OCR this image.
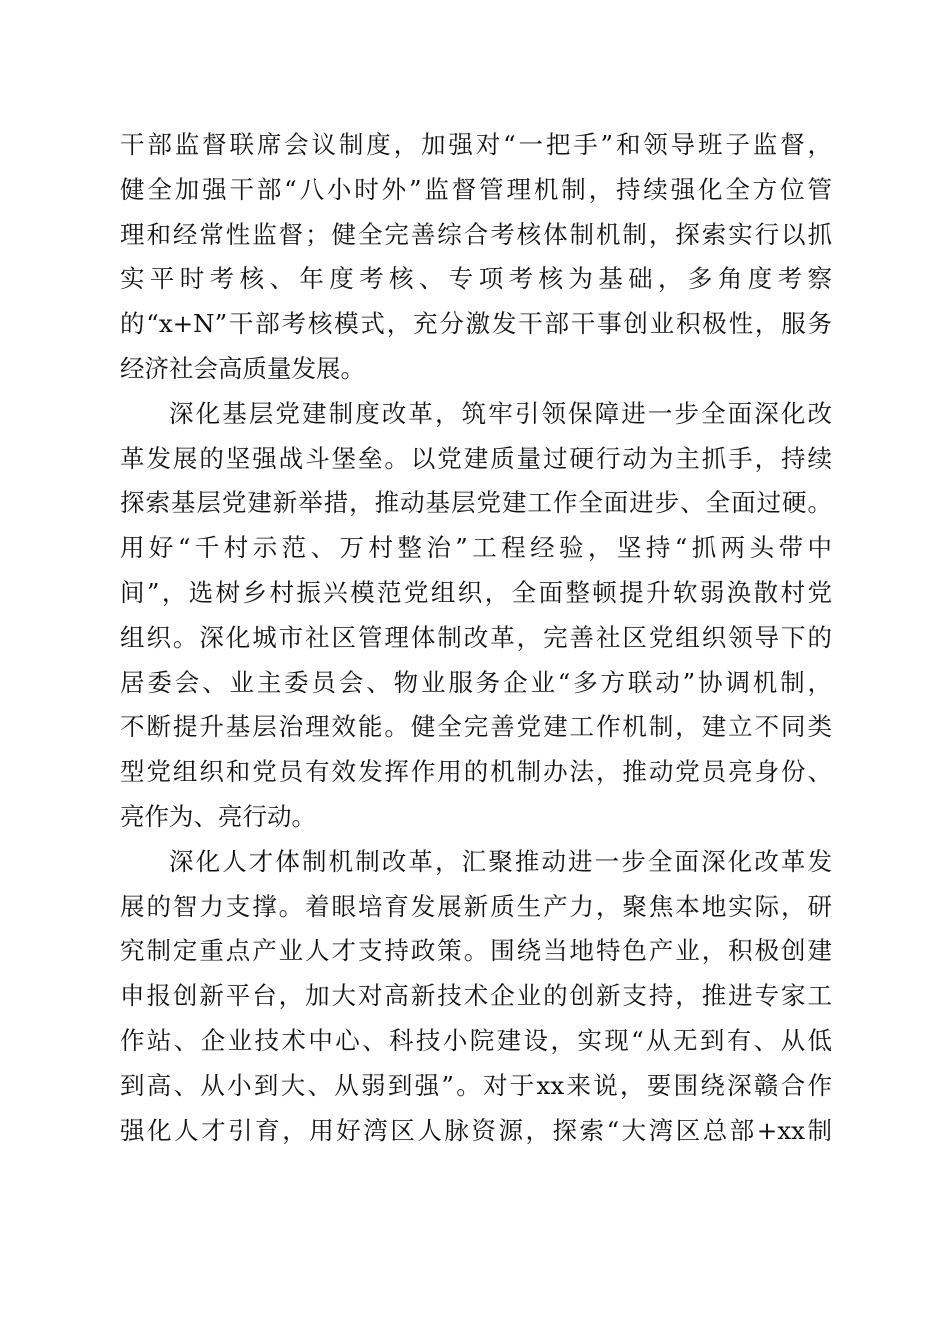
干部监督联席会议制度，加强对“一把手”和领导班子监督，
健全加强干部“八小时外”监督管理机制，持续强化全方位管
理和经常性监督；健全完善综合考核体制机制，探索实行以抓
实平时考核、年度考核、专项考核为基础，多角度考察
的“x+N”干部考核模式，充分激发干部干事创业积极性，服务
经济社会高质量发展。
深化基层党建制度改革，筑牢引领保障进一步全面深化改
革发展的坚强战斗堡垒。以党建质量过硬行动为主抓手，持续
探索基层党建新举措，推动基层党建工作全面进步、全面过硬。
用好“千村示范、万村整治”工程经验，坚持“抓两头带中
间”，选树乡村振兴模范党组织，全面整顿提升软弱涣散村党
组织。深化城市社区管理体制改革，完善社区党组织领导下的
居委会、业主委员会、物业服务企业“多方联动”协调机制，
不断提升基层治理效能。健全完善党建工作机制，建立不同类
型党组织和党员有效发挥作用的机制办法，推动党员亮身份、
亮作为、亮行动。
深化人才体制机制改革，汇聚推动进一步全面深化改革发
展的智力支撑。着眼培育发展新质生产力，聚焦本地实际，研
究制定重点产业人才支持政策。围绕当地特色产业，积极创建
申报创新平台，加大对高新技术企业的创新支持，推进专家工
作站、企业技术中心、科技小院建设，实现“从无到有、从低
到高、从小到大、从弱到强”。对于xx来说，要围绕深赣合作
强化人才引育，用好湾区人脉资源，探索“大湾区总部+xx制
